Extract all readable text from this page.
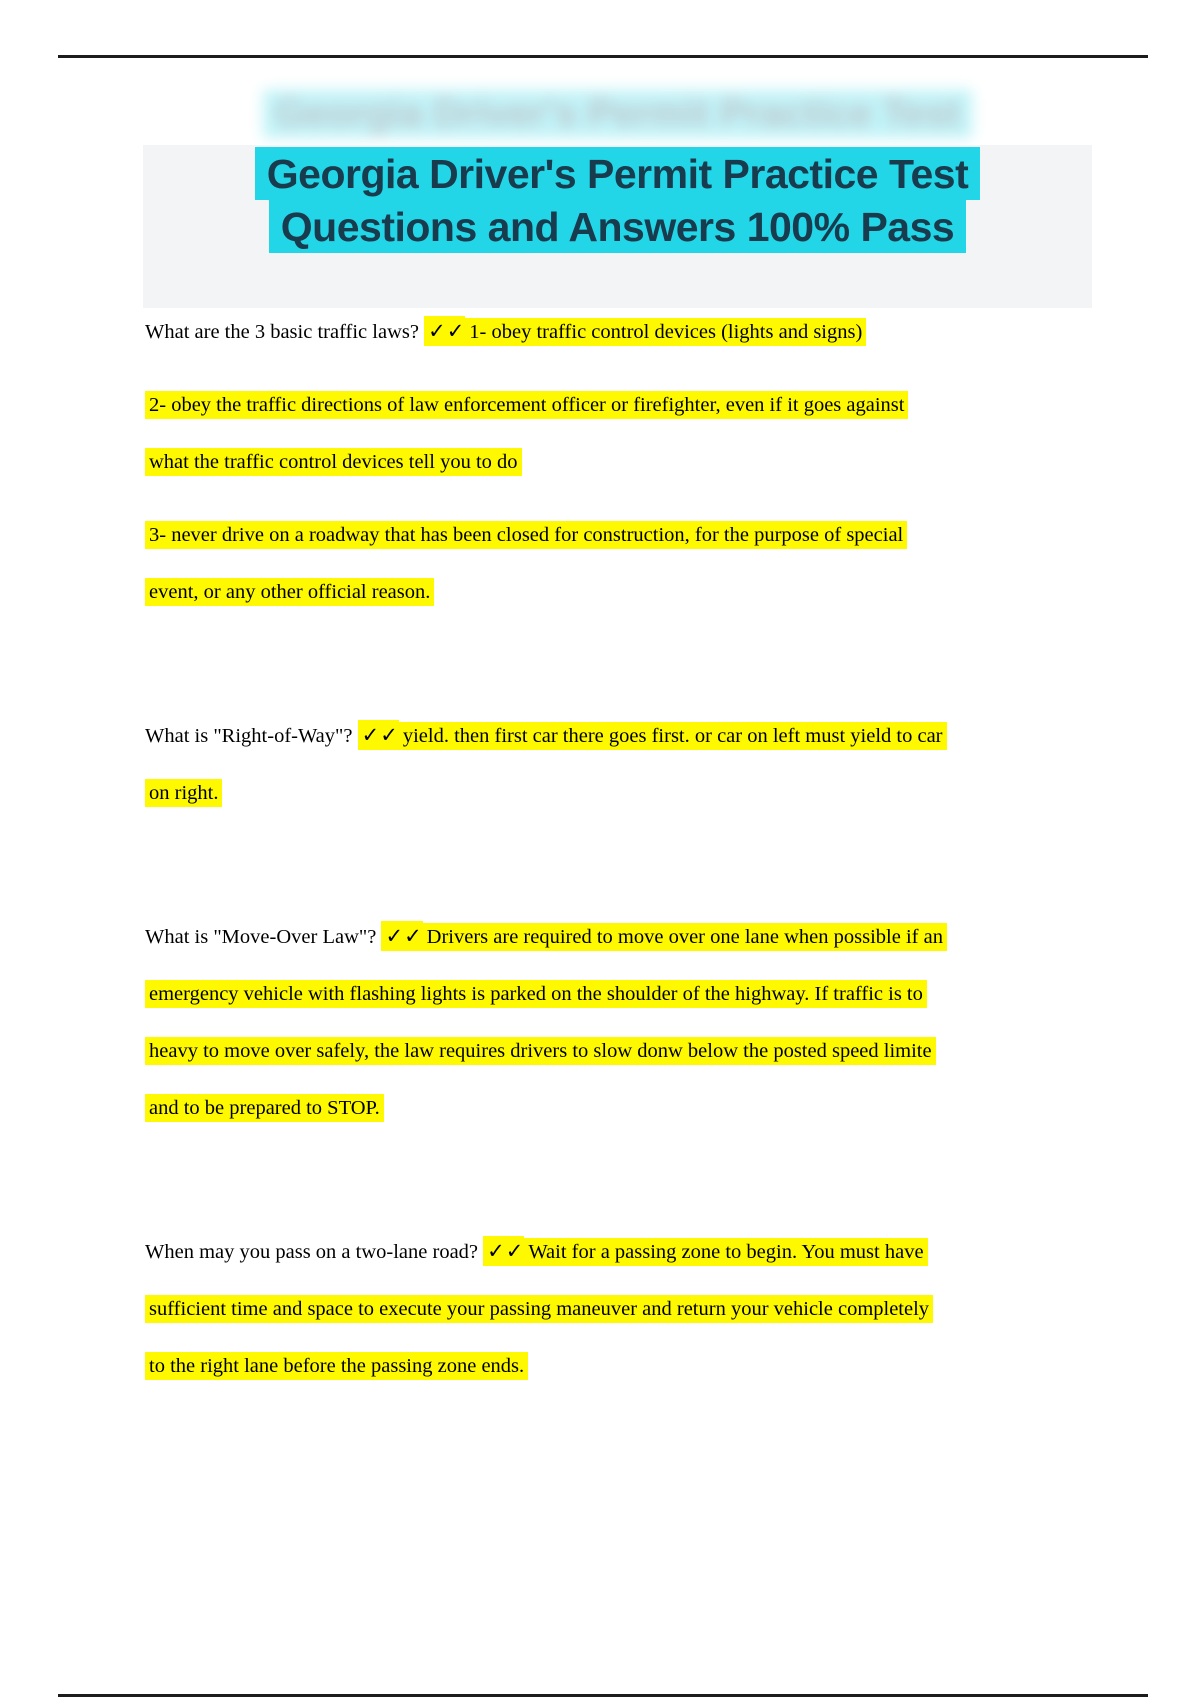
Georgia Driver's Permit Practice Test
Georgia Driver's Permit Practice Test
Questions and Answers 100% Pass
What are the 3 basic traffic laws? ✓✓ 1- obey traffic control devices (lights and signs)
2- obey the traffic directions of law enforcement officer or firefighter, even if it goes against
what the traffic control devices tell you to do
3- never drive on a roadway that has been closed for construction, for the purpose of special
event, or any other official reason.
What is "Right-of-Way"? ✓✓ yield. then first car there goes first. or car on left must yield to car
on right.
What is "Move-Over Law"? ✓✓ Drivers are required to move over one lane when possible if an
emergency vehicle with flashing lights is parked on the shoulder of the highway. If traffic is to
heavy to move over safely, the law requires drivers to slow donw below the posted speed limite
and to be prepared to STOP.
When may you pass on a two-lane road? ✓✓ Wait for a passing zone to begin. You must have
sufficient time and space to execute your passing maneuver and return your vehicle completely
to the right lane before the passing zone ends.
